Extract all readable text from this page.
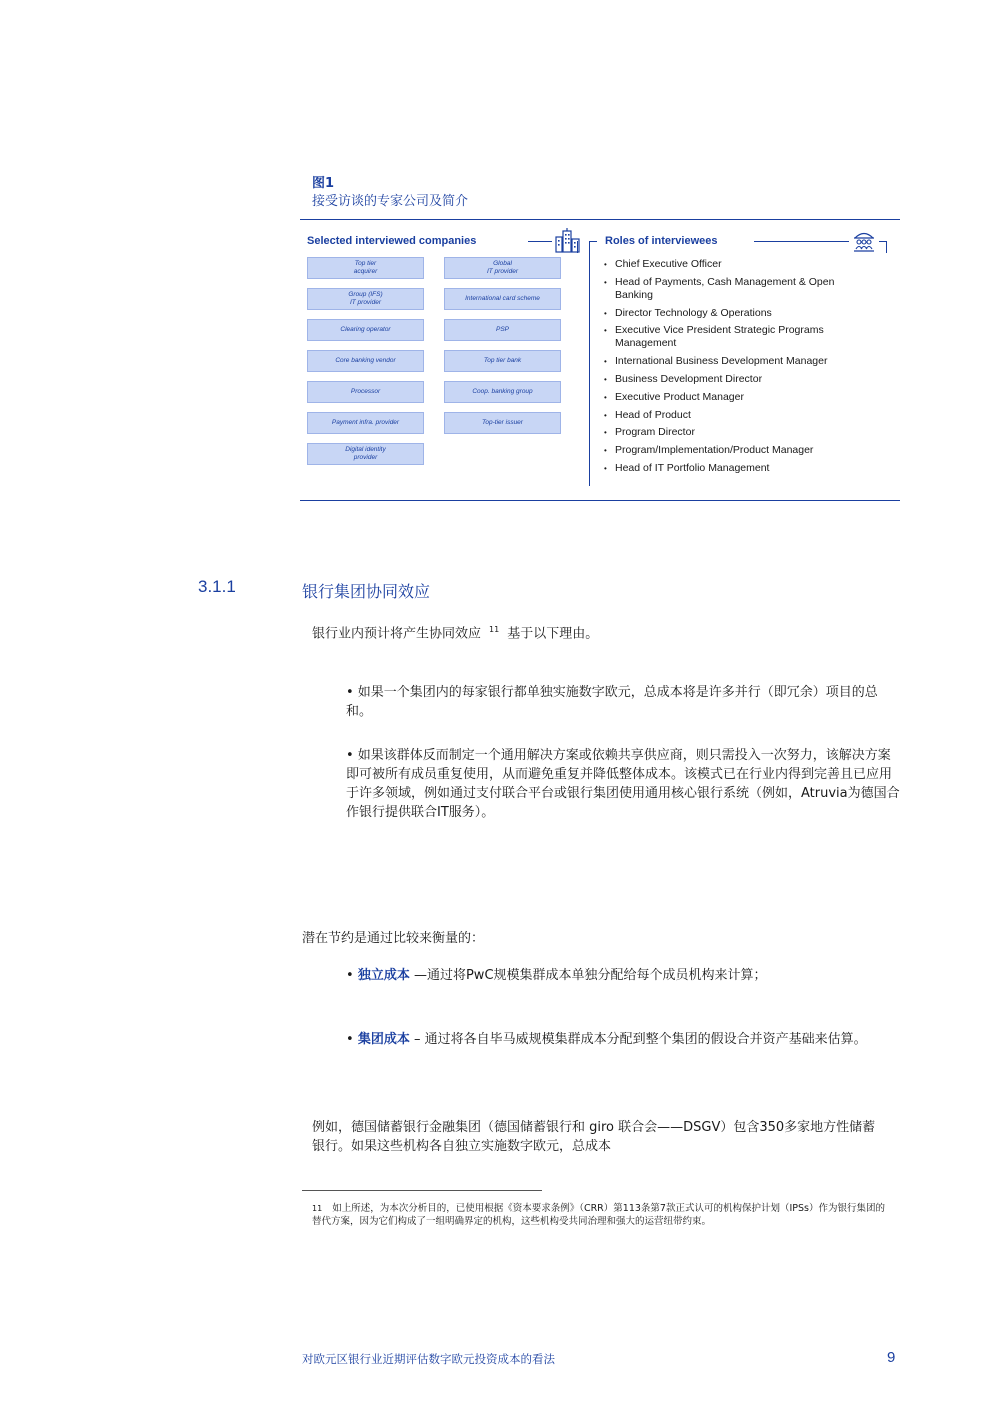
图1
接受访谈的专家公司及简介
Selected interviewed companies
Top tier
acquirer
Global
IT provider
Group (IFS)
IT provider
International card scheme
Clearing operator	PSP
Core banking vendor	Top tier bank
Processor	Coop. banking group
Payment infra. provider	Top-tier issuer
Digital identity
provider
Roles of interviewees
• Chief Executive Officer
• Head of Payments, Cash Management & Open Banking
• Director Technology & Operations
• Executive Vice President Strategic Programs Management
• International Business Development Manager
• Business Development Director
• Executive Product Manager
• Head of Product
• Program Director
• Program/Implementation/Product Manager
• Head of IT Portfolio Management
3.1.1	银行集团协同效应
银行业内预计将产生协同效应 $^{11}$ 基于以下理由。
• 如果一个集团内的每家银行都单独实施数字欧元，总成本将是许多并行（即冗余）项目的总和。
• 如果该群体反而制定一个通用解决方案或依赖共享供应商，则只需投入一次努力，该解决方案即可被所有成员重复使用，从而避免重复并降低整体成本。该模式已在行业内得到完善且已应用于许多领域，例如通过支付联合平台或银行集团使用通用核心银行系统（例如，Atruvia为德国合作银行提供联合IT服务）。
潜在节约是通过比较来衡量的：
• 独立成本 —通过将PwC规模集群成本单独分配给每个成员机构来计算；
• 集团成本 – 通过将各自毕马威规模集群成本分配到整个集团的假设合并资产基础来估算。
例如，德国储蓄银行金融集团（德国储蓄银行和 giro 联合会——DSGV）包含350多家地方性储蓄银行。如果这些机构各自独立实施数字欧元，总成本
11 如上所述，为本次分析目的，已使用根据《资本要求条例》（CRR）第113条第7款正式认可的机构保护计划（IPSs）作为银行集团的替代方案，因为它们构成了一组明确界定的机构，这些机构受共同治理和强大的运营纽带约束。
对欧元区银行业近期评估数字欧元投资成本的看法	9
